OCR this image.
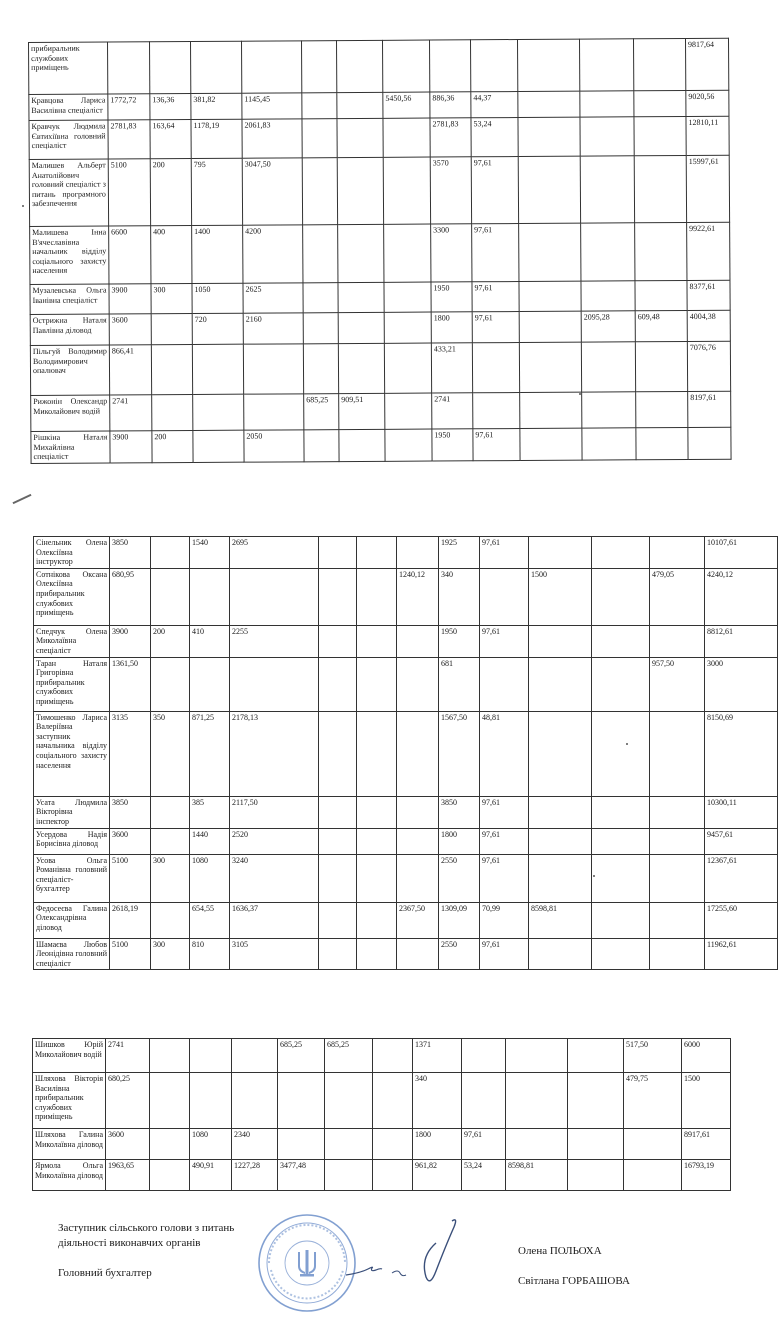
прибиральник службових приміщень													9817,64
Кравцова Лариса Василівна спеціаліст	1772,72	136,36	381,82	1145,45			5450,56	886,36	44,37				9020,56
Кравчук Людмила Євтихіївна головний спеціаліст	2781,83	163,64	1178,19	2061,83				2781,83	53,24				12810,11
Малишев Альберт Анатолійович головний спеціаліст з питань програмного забезпечення	5100	200	795	3047,50				3570	97,61				15997,61
Малишева Інна В'ячеславівна начальник відділу соціального захисту населення	6600	400	1400	4200				3300	97,61				9922,61
Музалевська Ольга Іванівна спеціаліст	3900	300	1050	2625				1950	97,61				8377,61
Острижна Наталя Павлівна діловод	3600		720	2160				1800	97,61		2095,28	609,48	4004,38
Пільгуй Володимир Володимирович опалювач	866,41							433,21					7076,76
Рижонін Олександр Миколайович водій	2741				685,25	909,51		2741					8197,61
Рішкіна Наталя Михайлівна спеціаліст	3900	200		2050				1950	97,61				
Сінельник Олена Олексіївна інструктор	3850		1540	2695				1925	97,61				10107,61
Сотнікова Оксана Олексіївна прибиральник службових приміщень	680,95						1240,12	340		1500		479,05	4240,12
Спедчук Олена Миколаївна спеціаліст	3900	200	410	2255				1950	97,61				8812,61
Таран Наталя Григорівна прибиральник службових приміщень	1361,50							681				957,50	3000
Тимошенко Лариса Валеріївна заступник начальника відділу соціального захисту населення	3135	350	871,25	2178,13				1567,50	48,81				8150,69
Усата Людмила Вікторівна інспектор	3850		385	2117,50				3850	97,61				10300,11
Усердова Надія Борисівна діловод	3600		1440	2520				1800	97,61				9457,61
Усова Ольга Романівна головний спеціаліст-бухгалтер	5100	300	1080	3240				2550	97,61				12367,61
Федосеєва Галина Олександрівна діловод	2618,19		654,55	1636,37			2367,50	1309,09	70,99	8598,81			17255,60
Шамаєва Любов Леонідівна головний спеціаліст	5100	300	810	3105				2550	97,61				11962,61
Шишков Юрій Миколайович водій	2741				685,25	685,25		1371				517,50	6000
Шляхова Вікторія Василівна прибиральник службових приміщень	680,25							340				479,75	1500
Шляхова Галина Миколаївна діловод	3600		1080	2340				1800	97,61				8917,61
Ярмола Ольга Миколаївна діловод	1963,65		490,91	1227,28	3477,48			961,82	53,24	8598,81			16793,19
Заступник сільського голови з питань
діяльності виконавчих органів
Головний бухгалтер
Олена ПОЛЬОХА
Світлана ГОРБАШОВА
